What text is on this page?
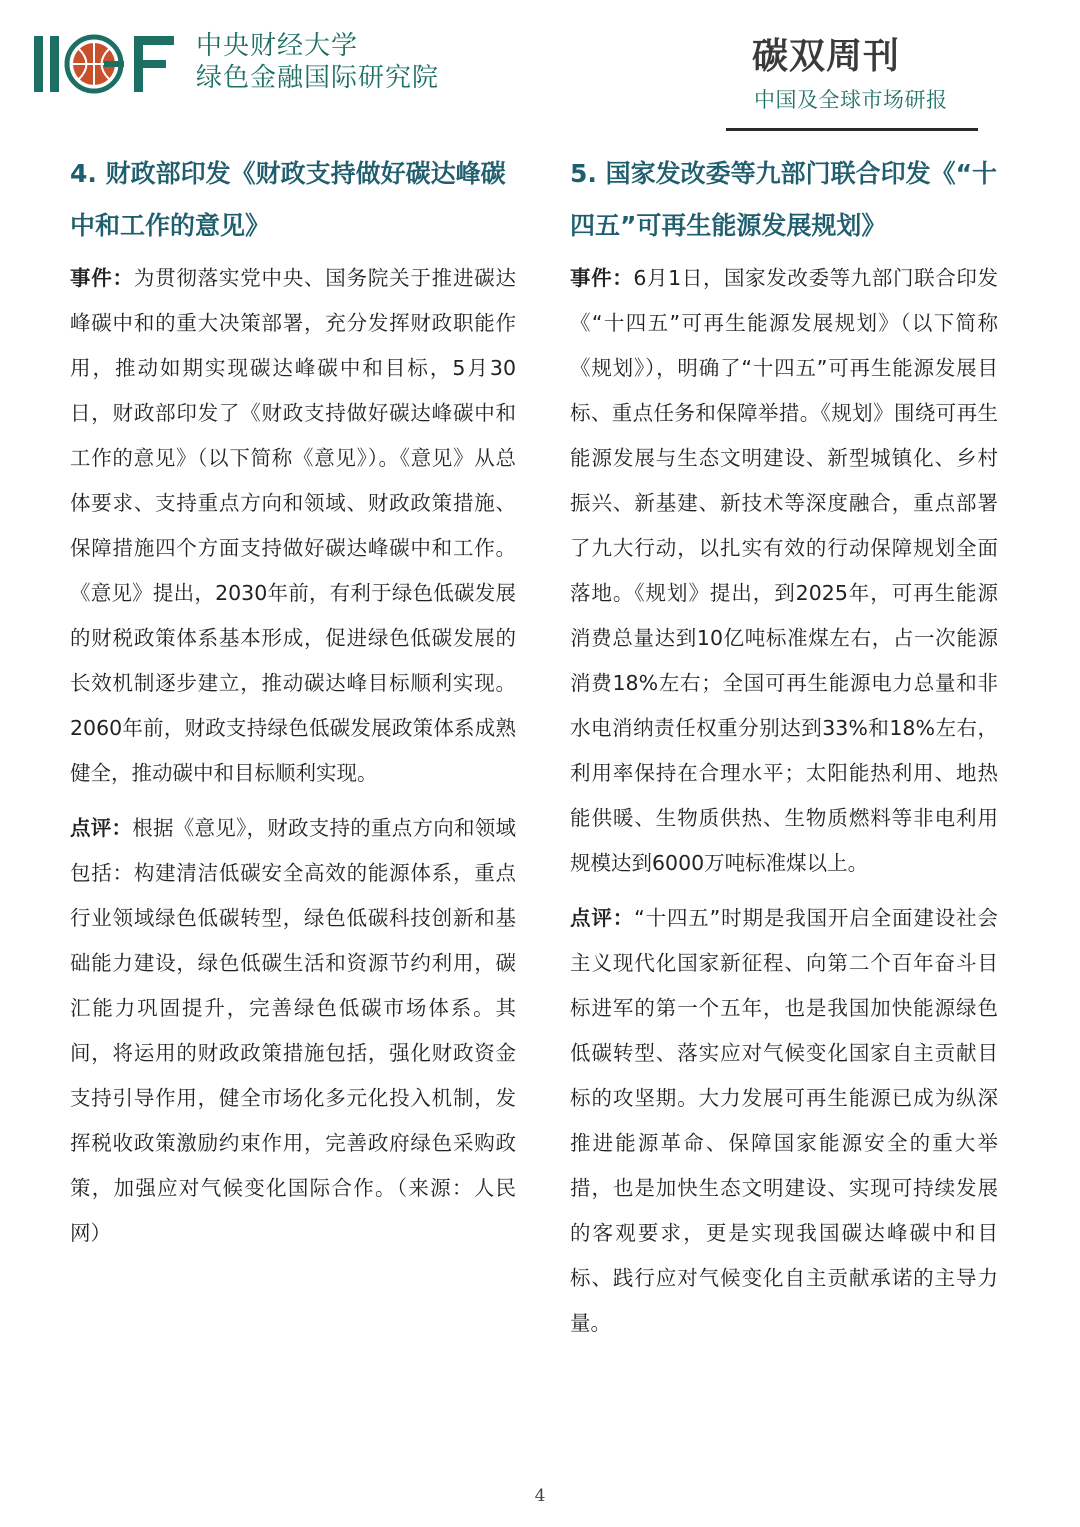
中央财经大学
绿色金融国际研究院
碳双周刊
中国及全球市场研报
4. 财政部印发《财政支持做好碳达峰碳中和工作的意见》

事件：为贯彻落实党中央、国务院关于推进碳达峰碳中和的重大决策部署，充分发挥财政职能作用，推动如期实现碳达峰碳中和目标，5月30日，财政部印发了《财政支持做好碳达峰碳中和工作的意见》（以下简称《意见》）。《意见》从总体要求、支持重点方向和领域、财政政策措施、保障措施四个方面支持做好碳达峰碳中和工作。《意见》提出，2030年前，有利于绿色低碳发展的财税政策体系基本形成，促进绿色低碳发展的长效机制逐步建立，推动碳达峰目标顺利实现。2060年前，财政支持绿色低碳发展政策体系成熟健全，推动碳中和目标顺利实现。

点评：根据《意见》，财政支持的重点方向和领域包括：构建清洁低碳安全高效的能源体系，重点行业领域绿色低碳转型，绿色低碳科技创新和基础能力建设，绿色低碳生活和资源节约利用，碳汇能力巩固提升，完善绿色低碳市场体系。其间，将运用的财政政策措施包括，强化财政资金支持引导作用，健全市场化多元化投入机制，发挥税收政策激励约束作用，完善政府绿色采购政策，加强应对气候变化国际合作。（来源：人民网）

5. 国家发改委等九部门联合印发《“十四五”可再生能源发展规划》

事件：6月1日，国家发改委等九部门联合印发《“十四五”可再生能源发展规划》（以下简称《规划》），明确了“十四五”可再生能源发展目标、重点任务和保障举措。《规划》围绕可再生能源发展与生态文明建设、新型城镇化、乡村振兴、新基建、新技术等深度融合，重点部署了九大行动，以扎实有效的行动保障规划全面落地。《规划》提出，到2025年，可再生能源消费总量达到10亿吨标准煤左右，占一次能源消费18%左右；全国可再生能源电力总量和非水电消纳责任权重分别达到33%和18%左右，利用率保持在合理水平；太阳能热利用、地热能供暖、生物质供热、生物质燃料等非电利用规模达到6000万吨标准煤以上。

点评：“十四五”时期是我国开启全面建设社会主义现代化国家新征程、向第二个百年奋斗目标进军的第一个五年，也是我国加快能源绿色低碳转型、落实应对气候变化国家自主贡献目标的攻坚期。大力发展可再生能源已成为纵深推进能源革命、保障国家能源安全的重大举措，也是加快生态文明建设、实现可持续发展的客观要求，更是实现我国碳达峰碳中和目标、践行应对气候变化自主贡献承诺的主导力量。

4
